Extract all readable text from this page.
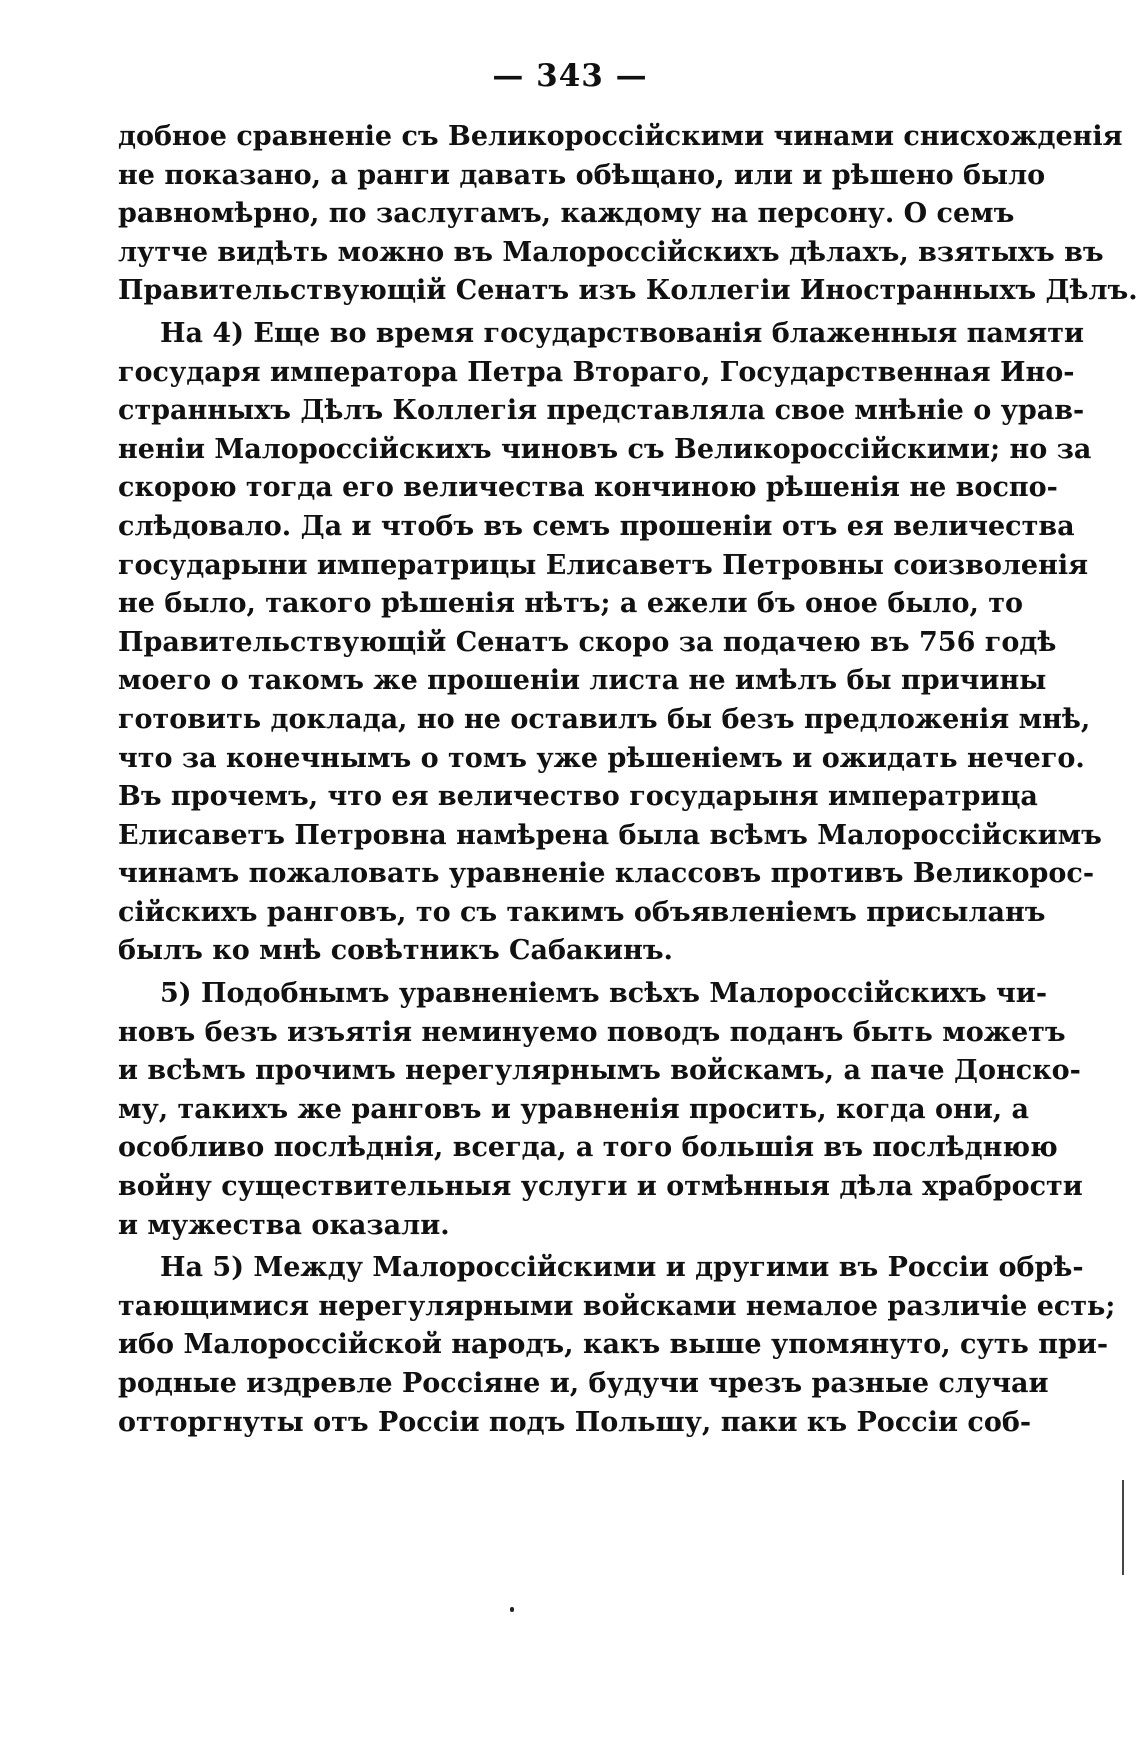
— 343 —
добное сравненіе съ Великороссійскими чинами снисхожденія
не показано, а ранги давать обѣщано, или и рѣшено было
равномѣрно, по заслугамъ, каждому на персону. О семъ
лутче видѣть можно въ Малороссійскихъ дѣлахъ, взятыхъ въ
Правительствующій Сенатъ изъ Коллегіи Иностранныхъ Дѣлъ.
На 4) Еще во время государствованія блаженныя памяти
государя императора Петра Втораго, Государственная Ино-
странныхъ Дѣлъ Коллегія представляла свое мнѣніе о урав-
неніи Малороссійскихъ чиновъ съ Великороссійскими; но за
скорою тогда его величества кончиною рѣшенія не воспо-
слѣдовало. Да и чтобъ въ семъ прошеніи отъ ея величества
государыни императрицы Елисаветъ Петровны соизволенія
не было, такого рѣшенія нѣтъ; а ежели бъ оное было, то
Правительствующій Сенатъ скоро за подачею въ 756 годѣ
моего о такомъ же прошеніи листа не имѣлъ бы причины
готовить доклада, но не оставилъ бы безъ предложенія мнѣ,
что за конечнымъ о томъ уже рѣшеніемъ и ожидать нечего.
Въ прочемъ, что ея величество государыня императрица
Елисаветъ Петровна намѣрена была всѣмъ Малороссійскимъ
чинамъ пожаловать уравненіе классовъ противъ Великорос-
сійскихъ ранговъ, то съ такимъ объявленіемъ присыланъ
былъ ко мнѣ совѣтникъ Сабакинъ.
5) Подобнымъ уравненіемъ всѣхъ Малороссійскихъ чи-
новъ безъ изъятія неминуемо поводъ поданъ быть можетъ
и всѣмъ прочимъ нерегулярнымъ войскамъ, а паче Донско-
му, такихъ же ранговъ и уравненія просить, когда они, а
особливо послѣднія, всегда, а того большія въ послѣднюю
войну существительныя услуги и отмѣнныя дѣла храбрости
и мужества оказали.
На 5) Между Малороссійскими и другими въ Россіи обрѣ-
тающимися нерегулярными войсками немалое различіе есть;
ибо Малороссійской народъ, какъ выше упомянуто, суть при-
родные издревле Россіяне и, будучи чрезъ разные случаи
отторгнуты отъ Россіи подъ Польшу, паки къ Россіи соб-
